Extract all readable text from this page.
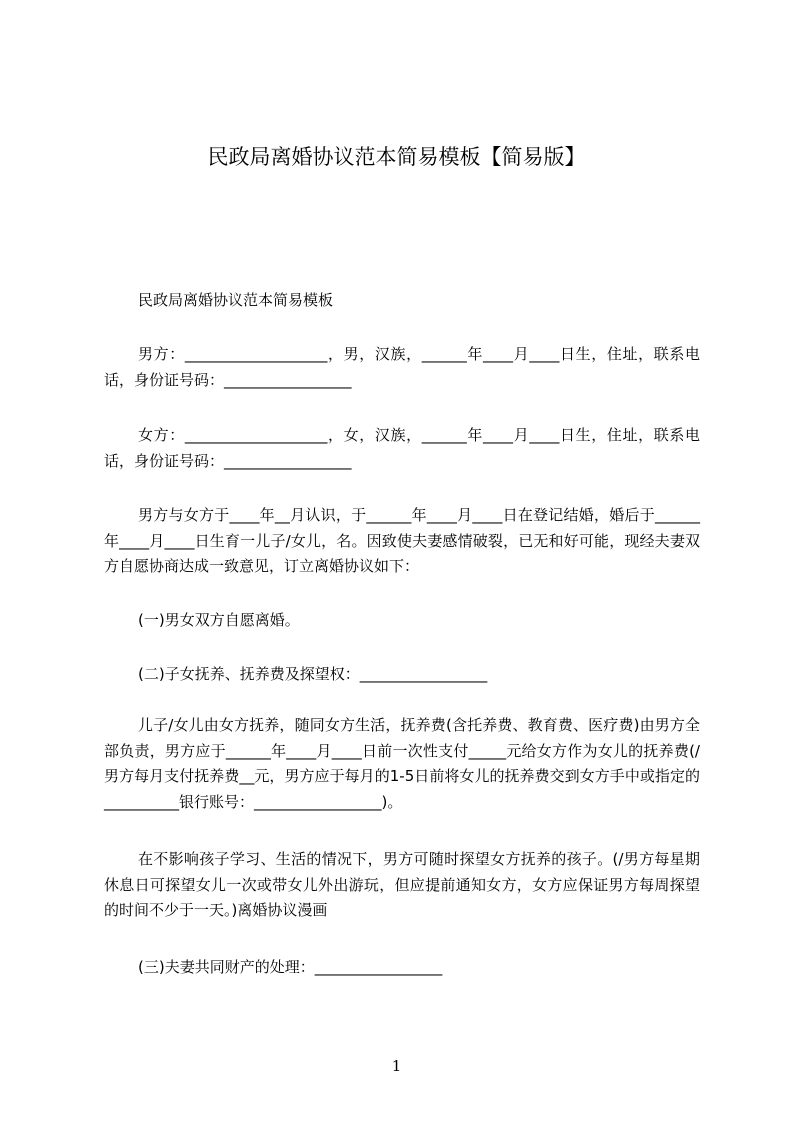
民政局离婚协议范本简易模板【简易版】

民政局离婚协议范本简易模板

男方：___________________，男，汉族，______年____月____日生，住址，联系电话，身份证号码：_________________

女方：___________________，女，汉族，______年____月____日生，住址，联系电话，身份证号码：_________________

男方与女方于____年__月认识，于______年____月____日在登记结婚，婚后于______年____月____日生育一儿子/女儿，名。因致使夫妻感情破裂，已无和好可能，现经夫妻双方自愿协商达成一致意见，订立离婚协议如下：

(一)男女双方自愿离婚。

(二)子女抚养、抚养费及探望权：_________________

儿子/女儿由女方抚养，随同女方生活，抚养费(含托养费、教育费、医疗费)由男方全部负责，男方应于______年____月____日前一次性支付_____元给女方作为女儿的抚养费(/男方每月支付抚养费__元，男方应于每月的1-5日前将女儿的抚养费交到女方手中或指定的__________银行账号：_________________)。

在不影响孩子学习、生活的情况下，男方可随时探望女方抚养的孩子。(/男方每星期休息日可探望女儿一次或带女儿外出游玩，但应提前通知女方，女方应保证男方每周探望的时间不少于一天。)离婚协议漫画

(三)夫妻共同财产的处理：_________________

1
